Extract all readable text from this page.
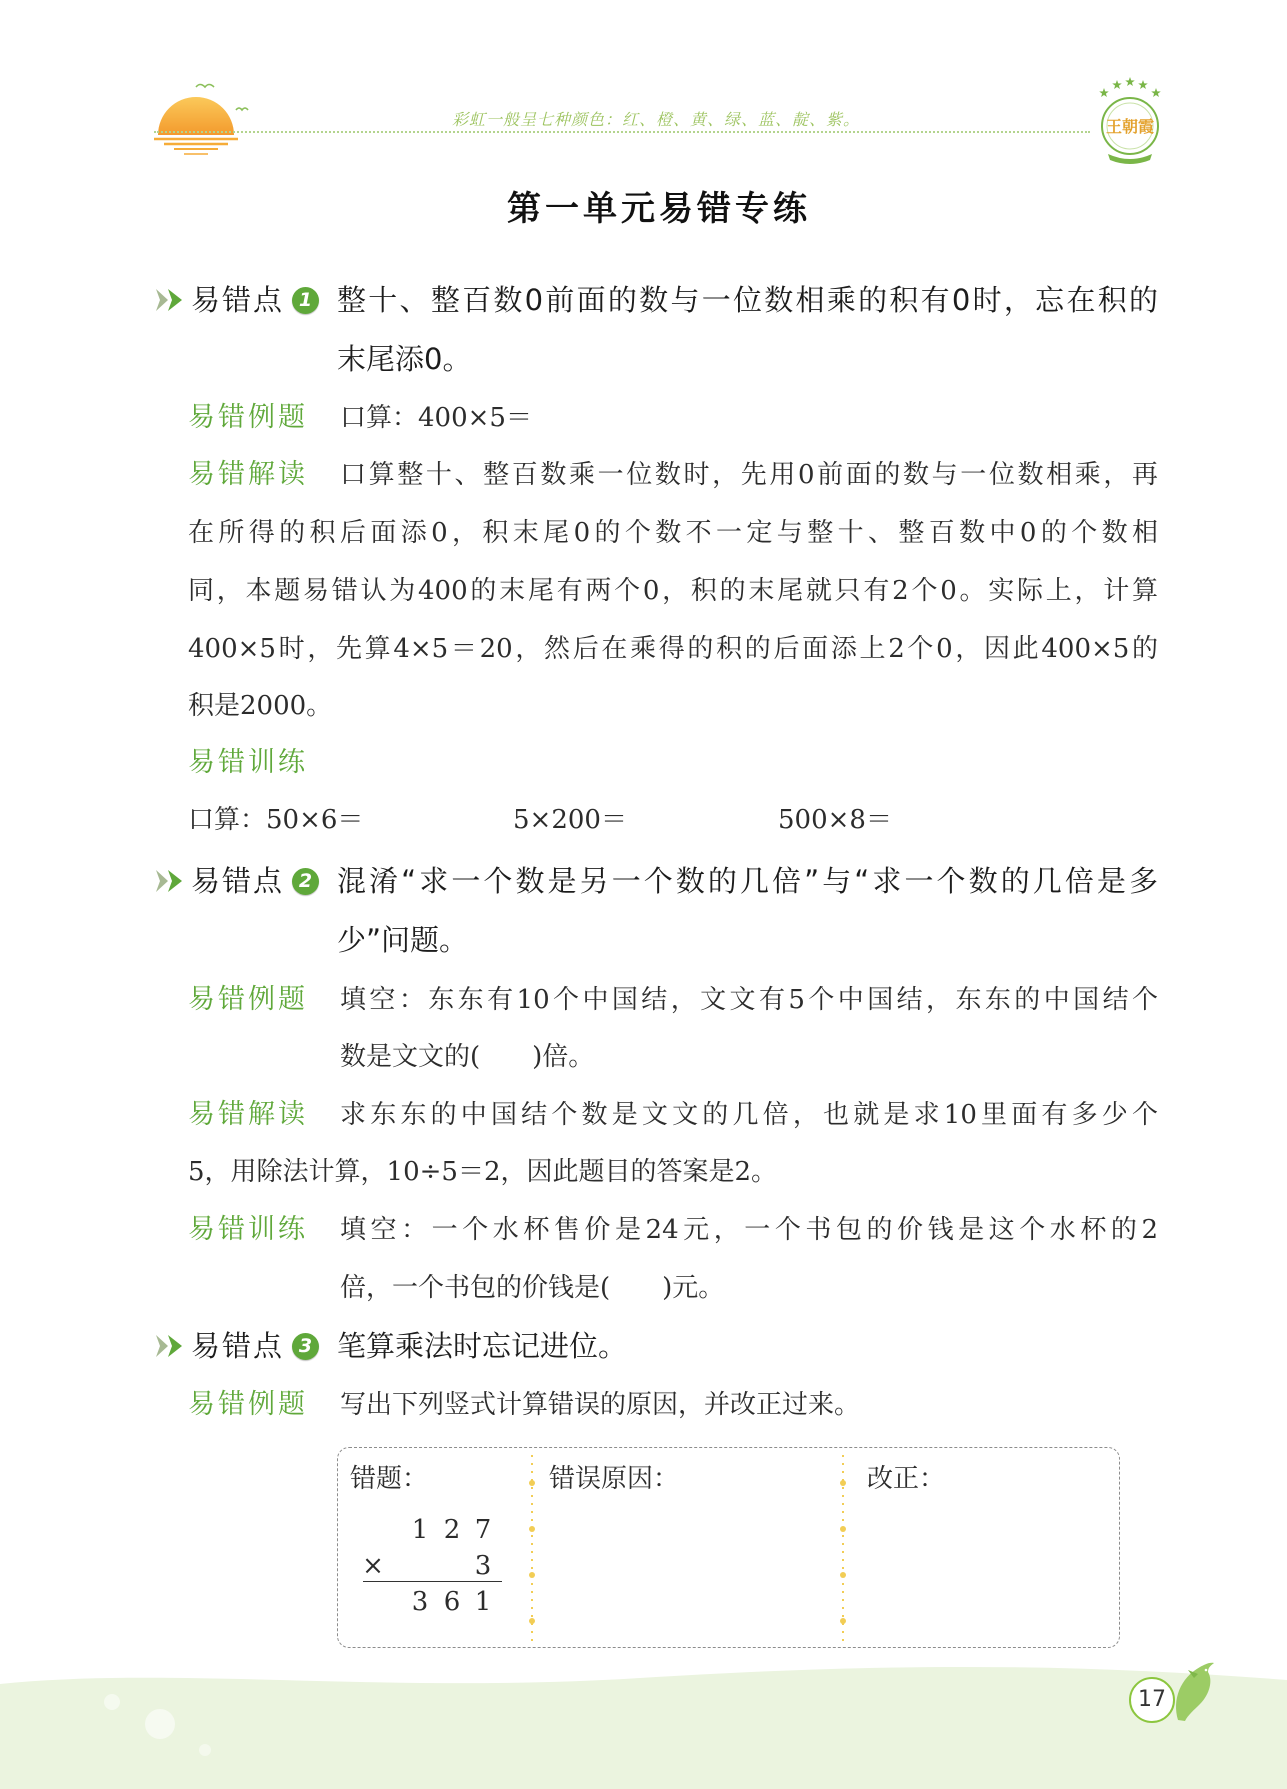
彩虹一般呈七种颜色：红、橙、黄、绿、蓝、靛、紫。	王朝霞
第一单元易错专练
易错点 1 整十、整百数0前面的数与一位数相乘的积有0时，忘在积的
末尾添0。
易错例题 口算：400×5＝
易错解读 口算整十、整百数乘一位数时，先用0前面的数与一位数相乘，再
在所得的积后面添0，积末尾0的个数不一定与整十、整百数中0的个数相
同，本题易错认为400的末尾有两个0，积的末尾就只有2个0。实际上，计算
400×5时，先算4×5＝20，然后在乘得的积的后面添上2个0，因此400×5的
积是2000。
易错训练
口算：50×6＝	5×200＝	500×8＝
易错点 2 混淆“求一个数是另一个数的几倍”与“求一个数的几倍是多
少”问题。
易错例题 填空：东东有10个中国结，文文有5个中国结，东东的中国结个
数是文文的(　　)倍。
易错解读 求东东的中国结个数是文文的几倍，也就是求10里面有多少个
5，用除法计算，10÷5＝2，因此题目的答案是2。
易错训练 填空：一个水杯售价是24元，一个书包的价钱是这个水杯的2
倍，一个书包的价钱是(　　)元。
易错点 3 笔算乘法时忘记进位。
易错例题 写出下列竖式计算错误的原因，并改正过来。
错题：	错误原因：	改正：
1 2 7
×	3
3 6 1
17
